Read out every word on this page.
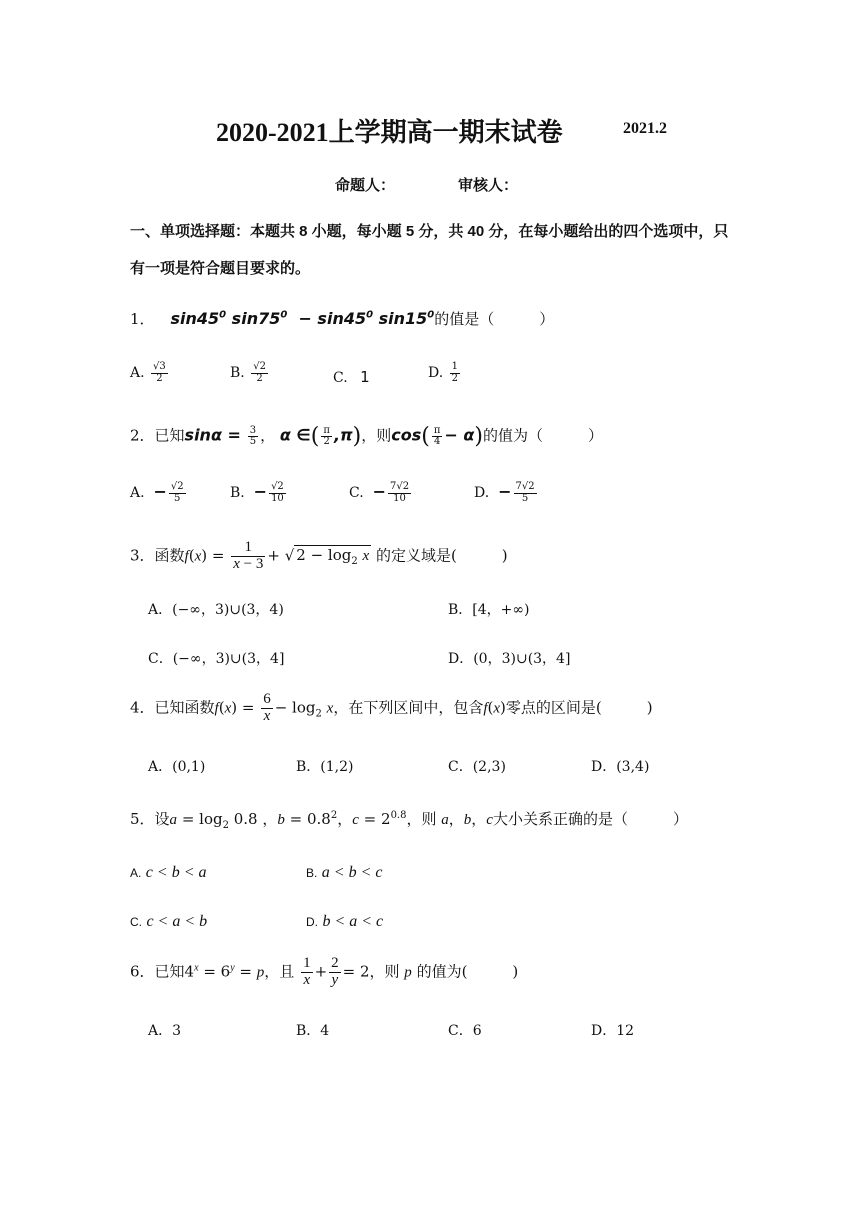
2020-2021上学期高一期末试卷	2021.2
命题人：	审核人：
一、单项选择题：本题共 8 小题，每小题 5 分，共 40 分，在每小题给出的四个选项中，只
有一项是符合题目要求的。
1．   $\sin 45^0$ $\sin 75^0 - \sin 45^0$ $\sin 15^0$的值是（　　　）
A. $\frac{√3}{2}$	B. $\frac{√2}{2}$	C. 1	D. $\frac{1}{2}$
2．已知$\sin\alpha = \frac{3}{5}$ ， α ∈( $\frac{\pi}{2} ,\pi$)，则$\cos( \frac{\pi}{4} - \alpha)$的值为（　　　）
A. − $\frac{√2}{5}$	B. − $\frac{√2}{10}$	C. − $\frac{7√2}{10}$	D. − $\frac{7√2}{5}$
3．函数$f(x) = \frac{1}{x - 3}$ + √ $2 - \log_2 x$ 的定义域是(　　　)
A．(−∞，3)∪(3，4)	B．[4，+∞)
C．(−∞，3)∪(3，4]	D．(0，3)∪(3，4]
4．已知函数$f(x) = \frac{6}{x} - \log_2 x$，在下列区间中，包含f(x)零点的区间是(　　　)
A．(0,1)	B．(1,2)	C．(2,3)	D．(3,4)
5．设$a = \log_2 0.8$ ，$b = 0.8^2$，$c = 2^{0.8}$，则 a，b，c大小关系正确的是（　　　）
A. c < b < a	B. a < b < c
C. c < a < b	D. b < a < c
6．已知$4^x = 6^y = p$，且 $\frac{1}{x} + \frac{2}{y} = 2$，则 p 的值为(　　　)
A．3	B．4	C．6	D．12
